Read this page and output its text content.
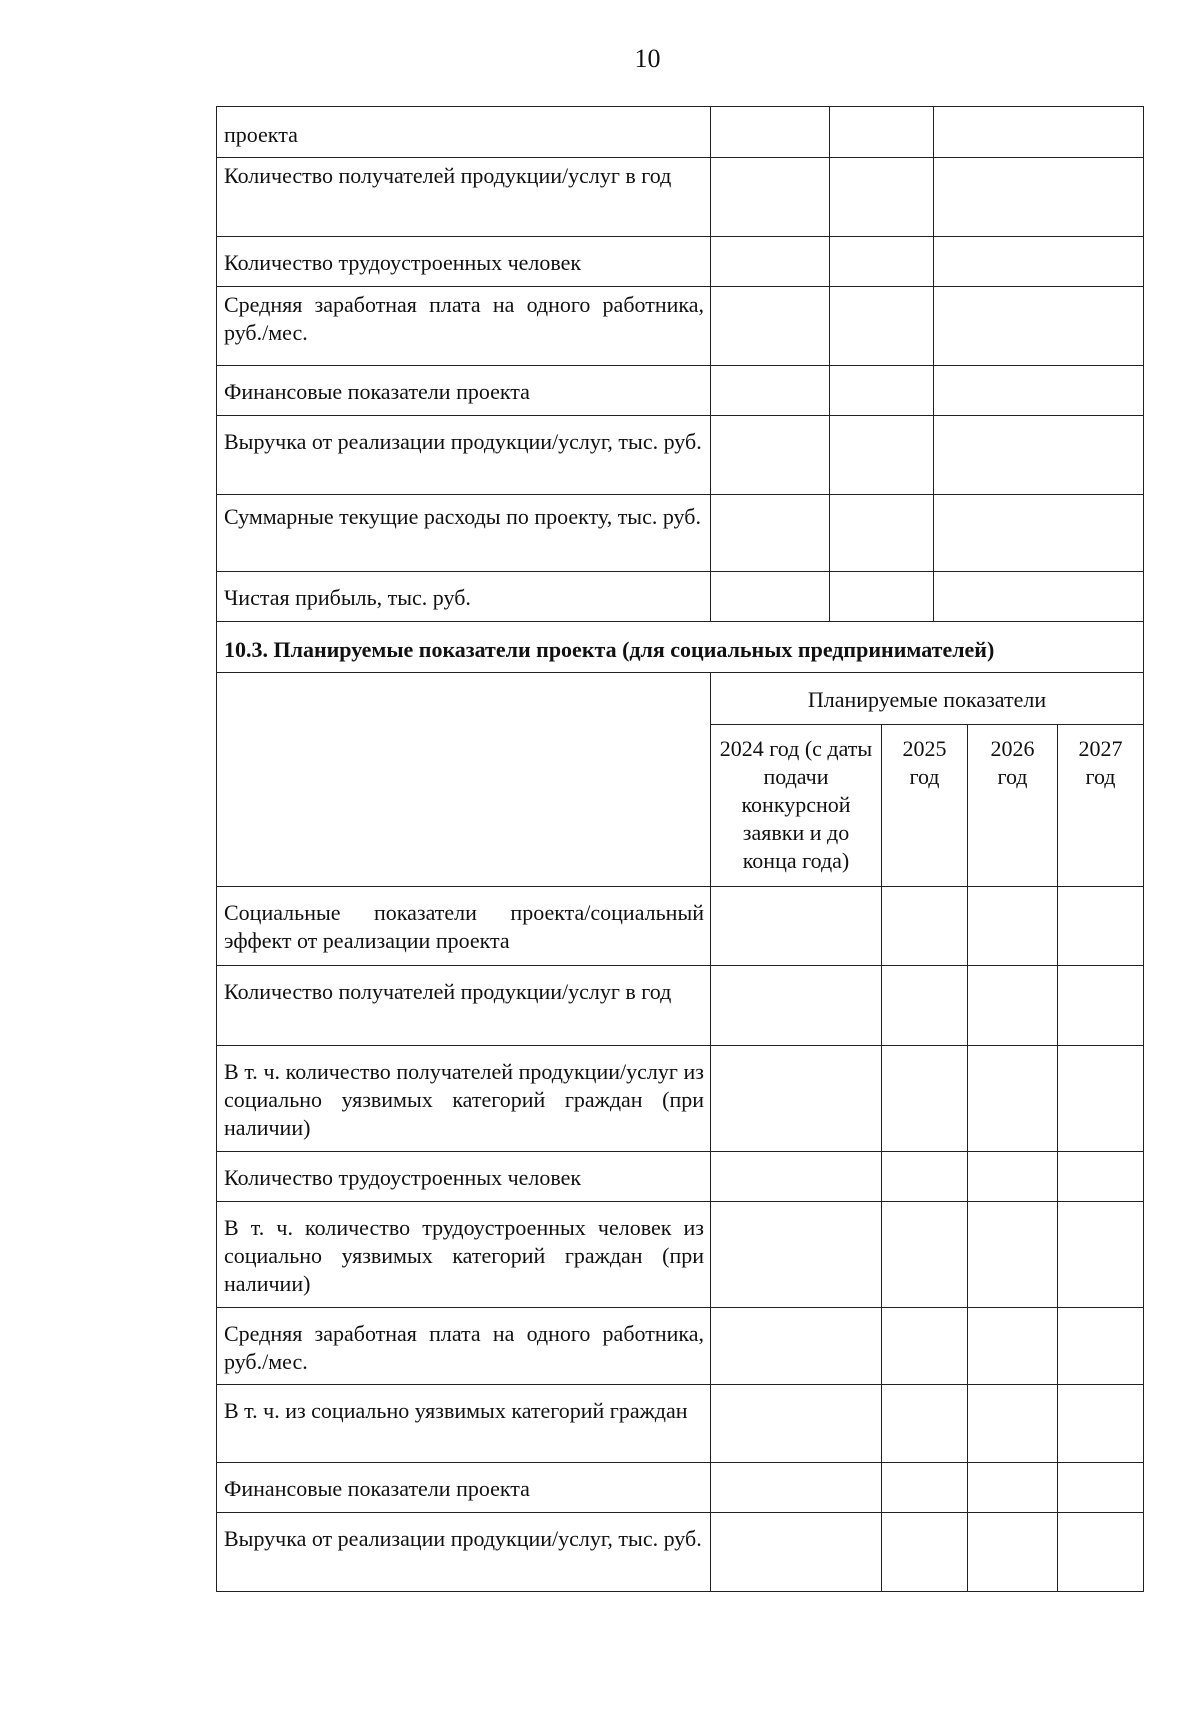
10
проекта			
Количество получателей продукции/услуг в год			
Количество трудоустроенных человек			
Средняя заработная плата на одного работника, руб./мес.			
Финансовые показатели проекта			
Выручка от реализации продукции/услуг, тыс. руб.			
Суммарные текущие расходы по проекту, тыс. руб.			
Чистая прибыль, тыс. руб.			
10.3. Планируемые показатели проекта (для социальных предпринимателей)
	Планируемые показатели			
	2024 год (с даты подачи конкурсной заявки и до конца года)	2025 год	2026 год	2027 год
Социальные показатели проекта/социальный эффект от реализации проекта				
Количество получателей продукции/услуг в год				
В т. ч. количество получателей продукции/услуг из социально уязвимых категорий граждан (при наличии)				
Количество трудоустроенных человек				
В т. ч. количество трудоустроенных человек из социально уязвимых категорий граждан (при наличии)				
Средняя заработная плата на одного работника, руб./мес.				
В т. ч. из социально уязвимых категорий граждан				
Финансовые показатели проекта				
Выручка от реализации продукции/услуг, тыс. руб.				
